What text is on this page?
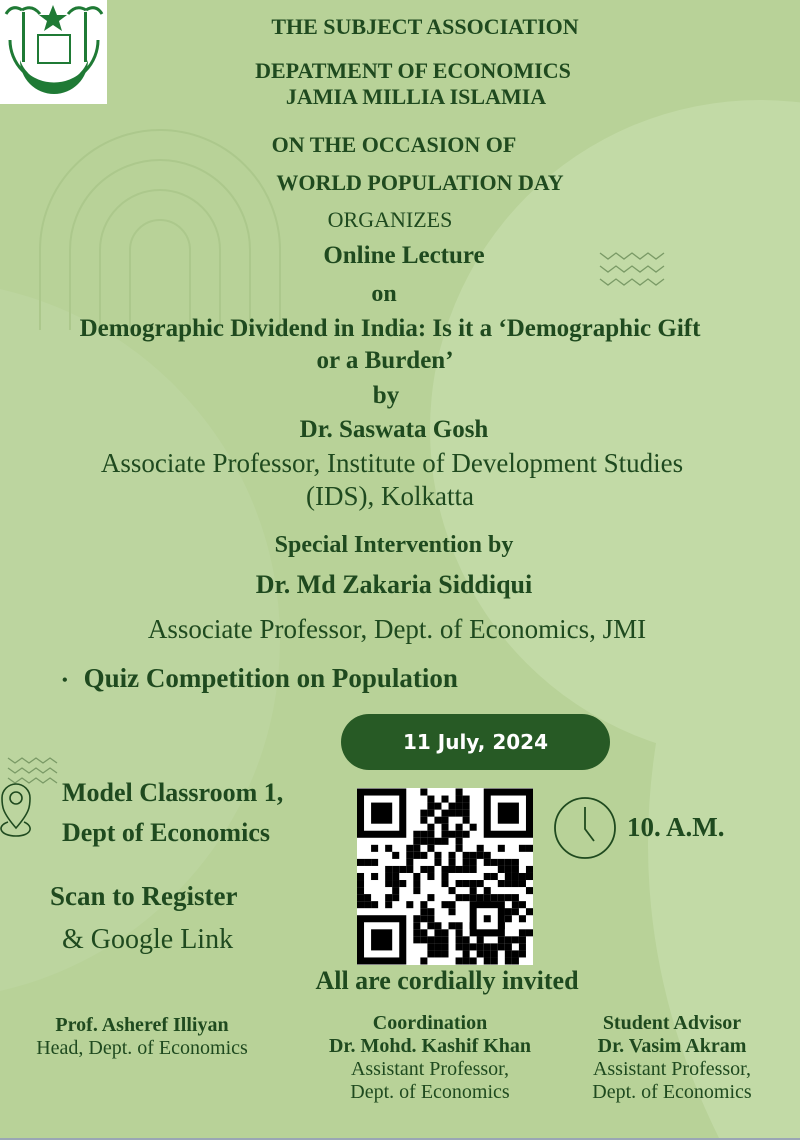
THE SUBJECT ASSOCIATION
DEPATMENT OF ECONOMICS
JAMIA MILLIA ISLAMIA
ON THE OCCASION OF
WORLD POPULATION DAY
ORGANIZES
Online Lecture
on
Demographic Dividend in India: Is it a ‘Demographic Gift
or a Burden’
by
Dr. Saswata Gosh
Associate Professor, Institute of Development Studies
(IDS), Kolkatta
Special Intervention by
Dr. Md Zakaria Siddiqui
Associate Professor, Dept. of Economics, JMI
• Quiz Competition on Population
11 July, 2024
Model Classroom 1,
Dept of Economics	10. A.M.
Scan to Register
& Google Link
All are cordially invited
Prof. Asheref Illiyan
Head, Dept. of Economics
Coordination
Dr. Mohd. Kashif Khan
Assistant Professor,
Dept. of Economics
Student Advisor
Dr. Vasim Akram
Assistant Professor,
Dept. of Economics
